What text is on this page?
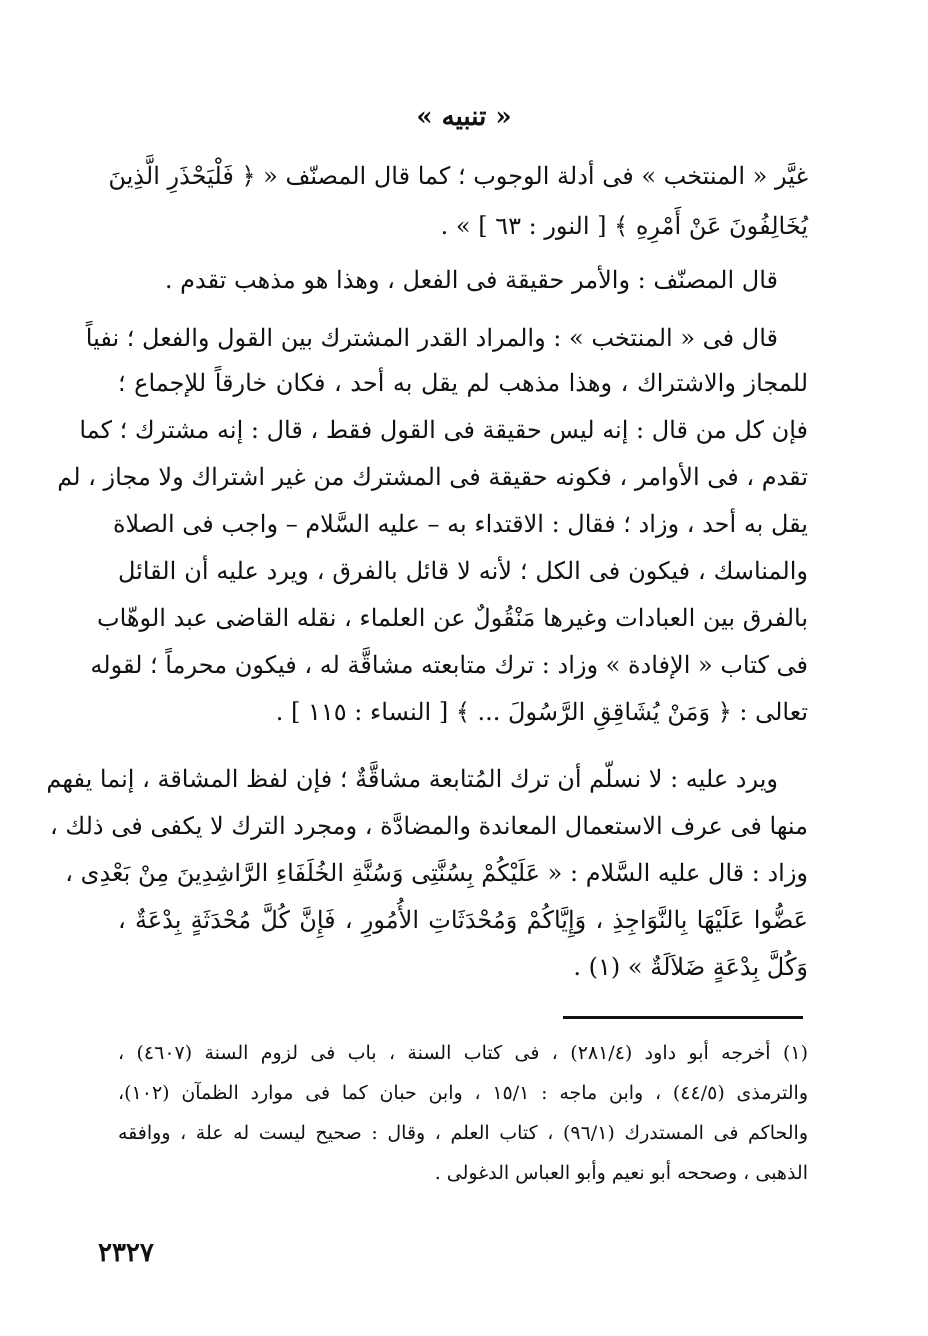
« تنبيه »
غيَّر « المنتخب » فى أدلة الوجوب ؛ كما قال المصنّف « ﴿ فَلْيَحْذَرِ الَّذِينَ
يُخَالِفُونَ عَنْ أَمْرِهِ ﴾ [ النور : ٦٣ ] » .
قال المصنّف : والأمر حقيقة فى الفعل ، وهذا هو مذهب تقدم .
قال فى « المنتخب » : والمراد القدر المشترك بين القول والفعل ؛ نفياً
للمجاز والاشتراك ، وهذا مذهب لم يقل به أحد ، فكان خارقاً للإجماع ؛
فإن كل من قال : إنه ليس حقيقة فى القول فقط ، قال : إنه مشترك ؛ كما
تقدم ، فى الأوامر ، فكونه حقيقة فى المشترك من غير اشتراك ولا مجاز ، لم
يقل به أحد ، وزاد ؛ فقال : الاقتداء به – عليه السَّلام – واجب فى الصلاة
والمناسك ، فيكون فى الكل ؛ لأنه لا قائل بالفرق ، ويرد عليه أن القائل
بالفرق بين العبادات وغيرها مَنْقُولٌ عن العلماء ، نقله القاضى عبد الوهّاب
فى كتاب « الإفادة » وزاد : ترك متابعته مشاقَّة له ، فيكون محرماً ؛ لقوله
تعالى : ﴿ وَمَنْ يُشَاقِقِ الرَّسُولَ ... ﴾ [ النساء : ١١٥ ] .
ويرد عليه : لا نسلّم أن ترك المُتابعة مشاقَّةٌ ؛ فإن لفظ المشاقة ، إنما يفهم
منها فى عرف الاستعمال المعاندة والمضادَّة ، ومجرد الترك لا يكفى فى ذلك ،
وزاد : قال عليه السَّلام : « عَلَيْكُمْ بِسُنَّتِى وَسُنَّةِ الخُلَفَاءِ الرَّاشِدِينَ مِنْ بَعْدِى ،
عَضُّوا عَلَيْهَا بِالنَّوَاجِذِ ، وَإِيَّاكُمْ وَمُحْدَثَاتِ الأُمُورِ ، فَإِنَّ كُلَّ مُحْدَثَةٍ بِدْعَةٌ ،
وَكُلَّ بِدْعَةٍ ضَلاَلَةٌ » (١) .
(١) أخرجه أبو داود (٢٨١/٤) ، فى كتاب السنة ، باب فى لزوم السنة (٤٦٠٧) ،
والترمذى (٤٤/٥) ، وابن ماجه : ١٥/١ ، وابن حبان كما فى موارد الظمآن (١٠٢)،
والحاكم فى المستدرك (٩٦/١) ، كتاب العلم ، وقال : صحيح ليست له علة ، ووافقه
الذهبى ، وصححه أبو نعيم وأبو العباس الدغولى .
٢٣٢٧
